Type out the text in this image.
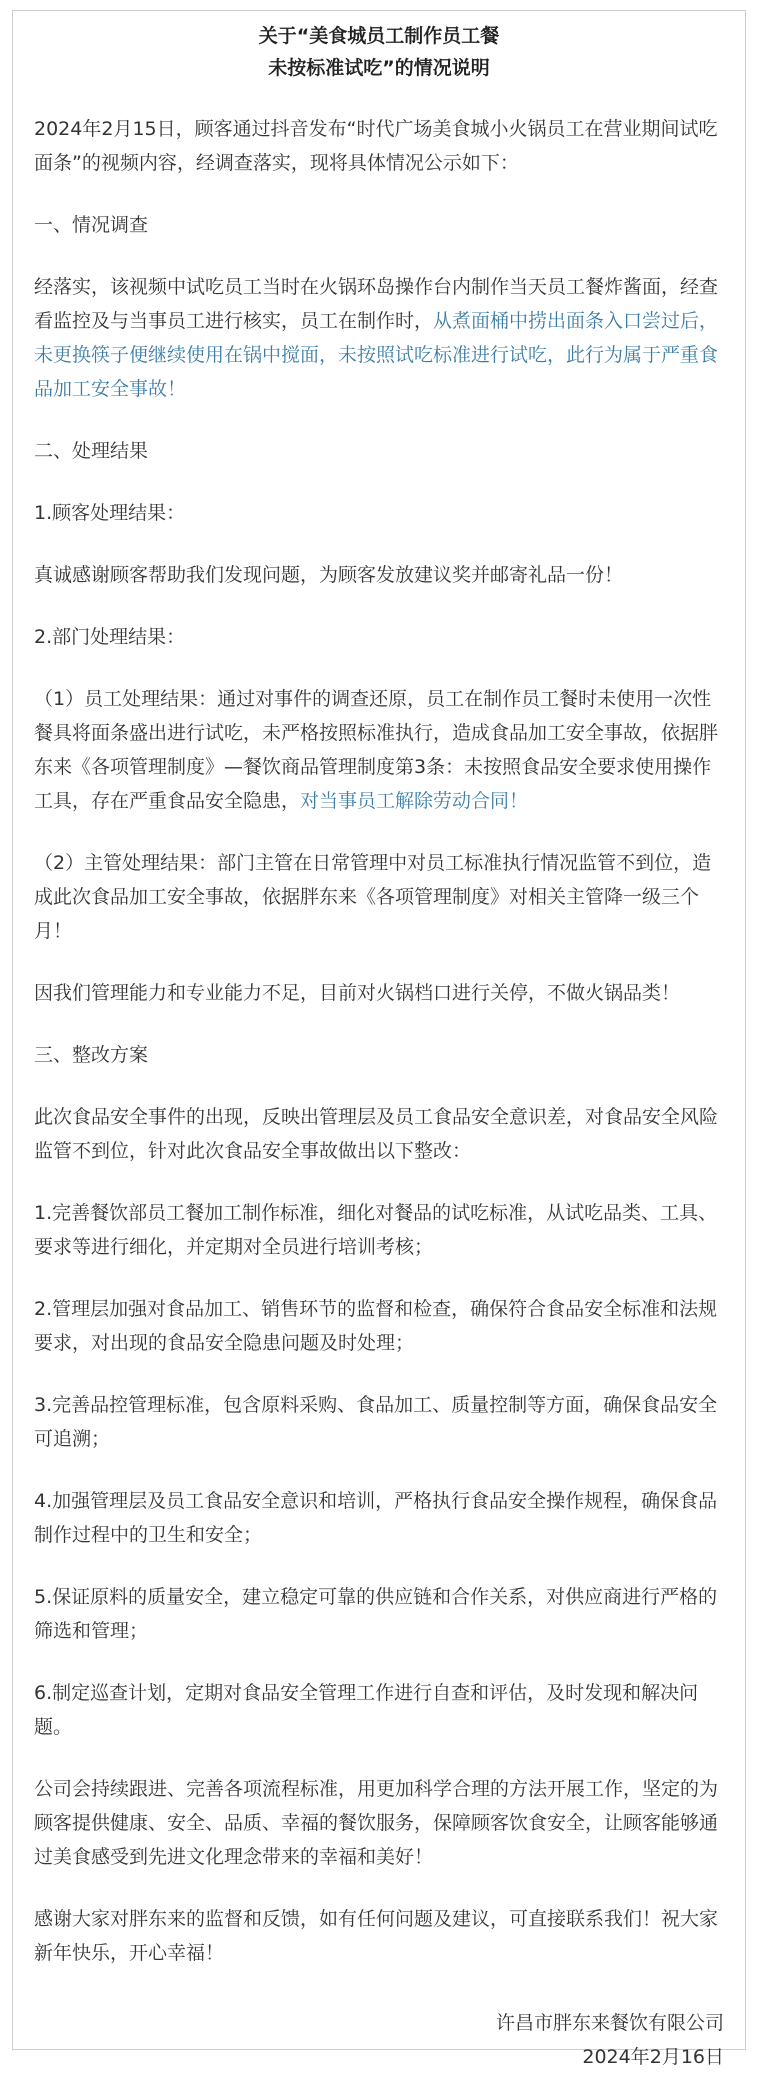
关于“美食城员工制作员工餐
未按标准试吃”的情况说明
2024年2月15日，顾客通过抖音发布“时代广场美食城小火锅员工在营业期间试吃面条”的视频内容，经调查落实，现将具体情况公示如下：
一、情况调查
经落实，该视频中试吃员工当时在火锅环岛操作台内制作当天员工餐炸酱面，经查看监控及与当事员工进行核实，员工在制作时，从煮面桶中捞出面条入口尝过后，未更换筷子便继续使用在锅中搅面，未按照试吃标准进行试吃，此行为属于严重食品加工安全事故！
二、处理结果
1.顾客处理结果：
真诚感谢顾客帮助我们发现问题，为顾客发放建议奖并邮寄礼品一份！
2.部门处理结果：
（1）员工处理结果：通过对事件的调查还原，员工在制作员工餐时未使用一次性餐具将面条盛出进行试吃，未严格按照标准执行，造成食品加工安全事故，依据胖东来《各项管理制度》—餐饮商品管理制度第3条：未按照食品安全要求使用操作工具，存在严重食品安全隐患，对当事员工解除劳动合同！
（2）主管处理结果：部门主管在日常管理中对员工标准执行情况监管不到位，造成此次食品加工安全事故，依据胖东来《各项管理制度》对相关主管降一级三个月！
因我们管理能力和专业能力不足，目前对火锅档口进行关停，不做火锅品类！
三、整改方案
此次食品安全事件的出现，反映出管理层及员工食品安全意识差，对食品安全风险监管不到位，针对此次食品安全事故做出以下整改：
1.完善餐饮部员工餐加工制作标准，细化对餐品的试吃标准，从试吃品类、工具、要求等进行细化，并定期对全员进行培训考核；
2.管理层加强对食品加工、销售环节的监督和检查，确保符合食品安全标准和法规要求，对出现的食品安全隐患问题及时处理；
3.完善品控管理标准，包含原料采购、食品加工、质量控制等方面，确保食品安全可追溯；
4.加强管理层及员工食品安全意识和培训，严格执行食品安全操作规程，确保食品制作过程中的卫生和安全；
5.保证原料的质量安全，建立稳定可靠的供应链和合作关系，对供应商进行严格的筛选和管理；
6.制定巡查计划，定期对食品安全管理工作进行自查和评估，及时发现和解决问题。
公司会持续跟进、完善各项流程标准，用更加科学合理的方法开展工作，坚定的为顾客提供健康、安全、品质、幸福的餐饮服务，保障顾客饮食安全，让顾客能够通过美食感受到先进文化理念带来的幸福和美好！
感谢大家对胖东来的监督和反馈，如有任何问题及建议，可直接联系我们！祝大家新年快乐，开心幸福！
许昌市胖东来餐饮有限公司
2024年2月16日
